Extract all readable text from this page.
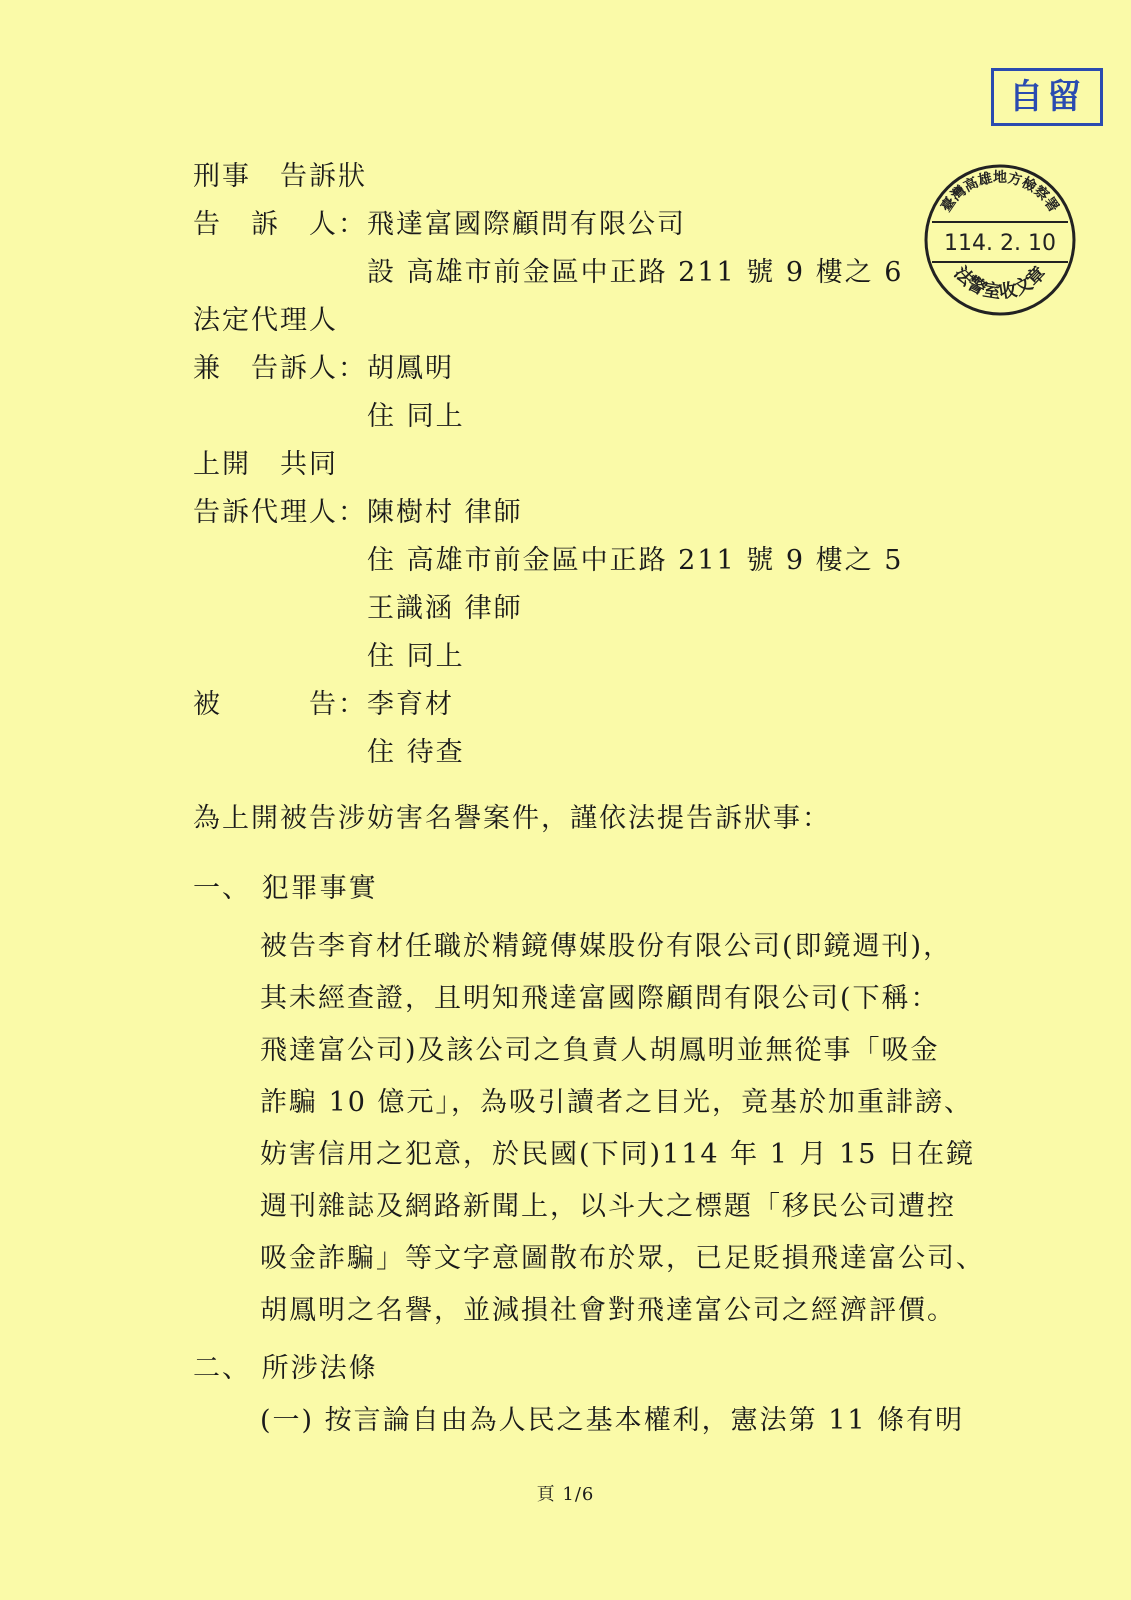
自留
臺灣高雄地方檢察署
114. 2. 10
法警室收文章
刑事　告訴狀
告　訴　人：飛達富國際顧問有限公司
　　　　　　設 高雄市前金區中正路 211 號 9 樓之 6
法定代理人
兼　告訴人：胡鳳明
　　　　　　住 同上
上開　共同
告訴代理人：陳樹村 律師
　　　　　　住 高雄市前金區中正路 211 號 9 樓之 5
　　　　　　王識涵 律師
　　　　　　住 同上
被　　　告：李育材
　　　　　　住 待查
為上開被告涉妨害名譽案件，謹依法提告訴狀事：
一、 犯罪事實
被告李育材任職於精鏡傳媒股份有限公司(即鏡週刊)，
其未經查證，且明知飛達富國際顧問有限公司(下稱：
飛達富公司)及該公司之負責人胡鳳明並無從事「吸金
詐騙 10 億元」，為吸引讀者之目光，竟基於加重誹謗、
妨害信用之犯意，於民國(下同)114 年 1 月 15 日在鏡
週刊雜誌及網路新聞上，以斗大之標題「移民公司遭控
吸金詐騙」等文字意圖散布於眾，已足貶損飛達富公司、
胡鳳明之名譽，並減損社會對飛達富公司之經濟評價。
二、 所涉法條
(一) 按言論自由為人民之基本權利，憲法第 11 條有明
頁 1/6
